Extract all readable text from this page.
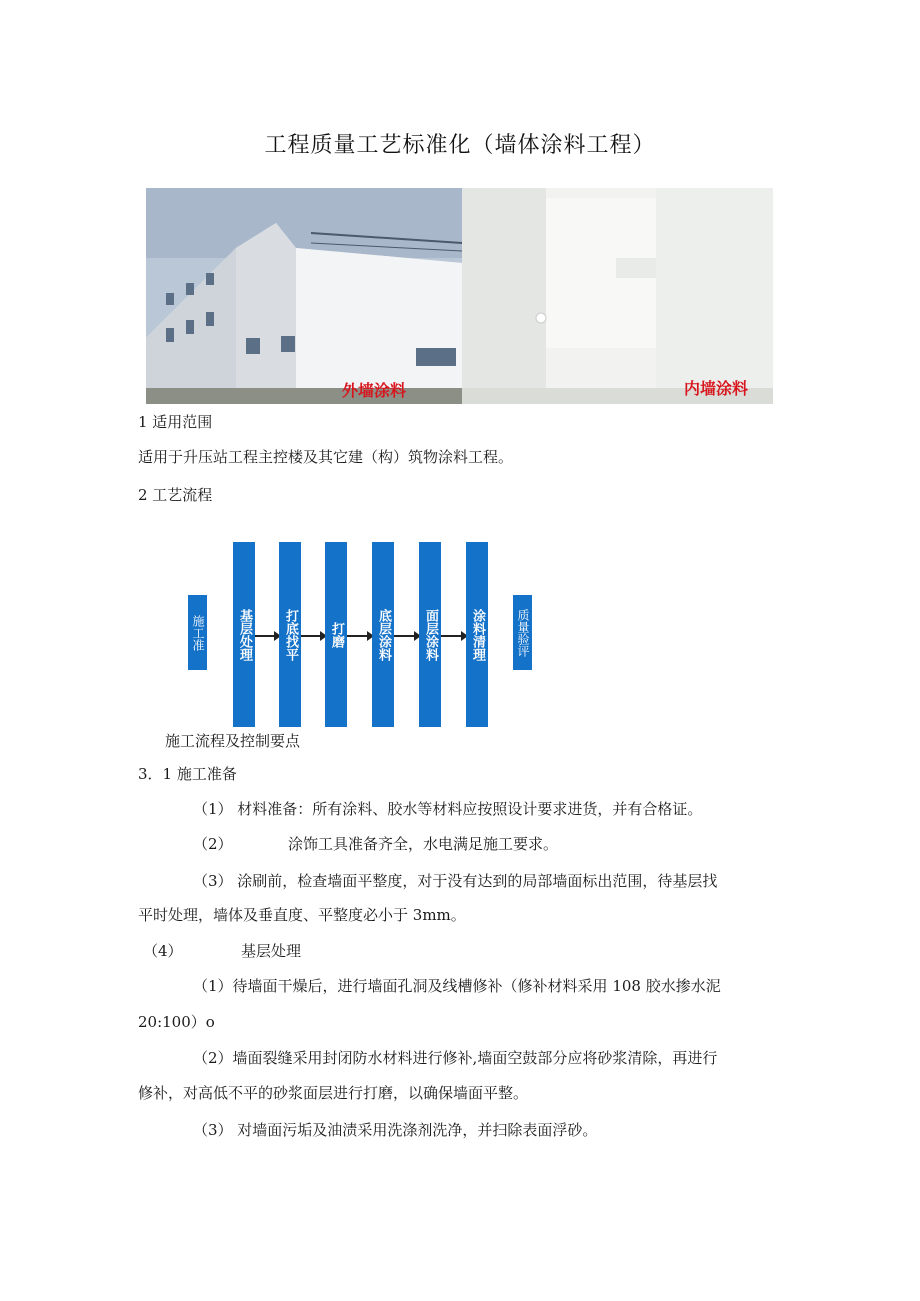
工程质量工艺标准化（墙体涂料工程）
外墙涂料	内墙涂料
1 适用范围
适用于升压站工程主控楼及其它建（构）筑物涂料工程。
2 工艺流程
施工准 基层处理 打底找平 打磨 底层涂料 面层涂料 涂料清理	质量验评
施工流程及控制要点
3．1 施工准备
（1） 材料准备：所有涂料、胶水等材料应按照设计要求进货，并有合格证。
（2）	涂饰工具准备齐全，水电满足施工要求。
（3） 涂刷前，检查墙面平整度，对于没有达到的局部墙面标出范围，待基层找
平时处理，墙体及垂直度、平整度必小于 3mm。
（4）	基层处理
（1）待墙面干燥后，进行墙面孔洞及线槽修补（修补材料采用 108 胶水掺水泥
20:100）o
（2）墙面裂缝采用封闭防水材料进行修补,墙面空鼓部分应将砂浆清除，再进行
修补，对高低不平的砂浆面层进行打磨，以确保墙面平整。
（3） 对墙面污垢及油渍采用洗涤剂洗净，并扫除表面浮砂。
